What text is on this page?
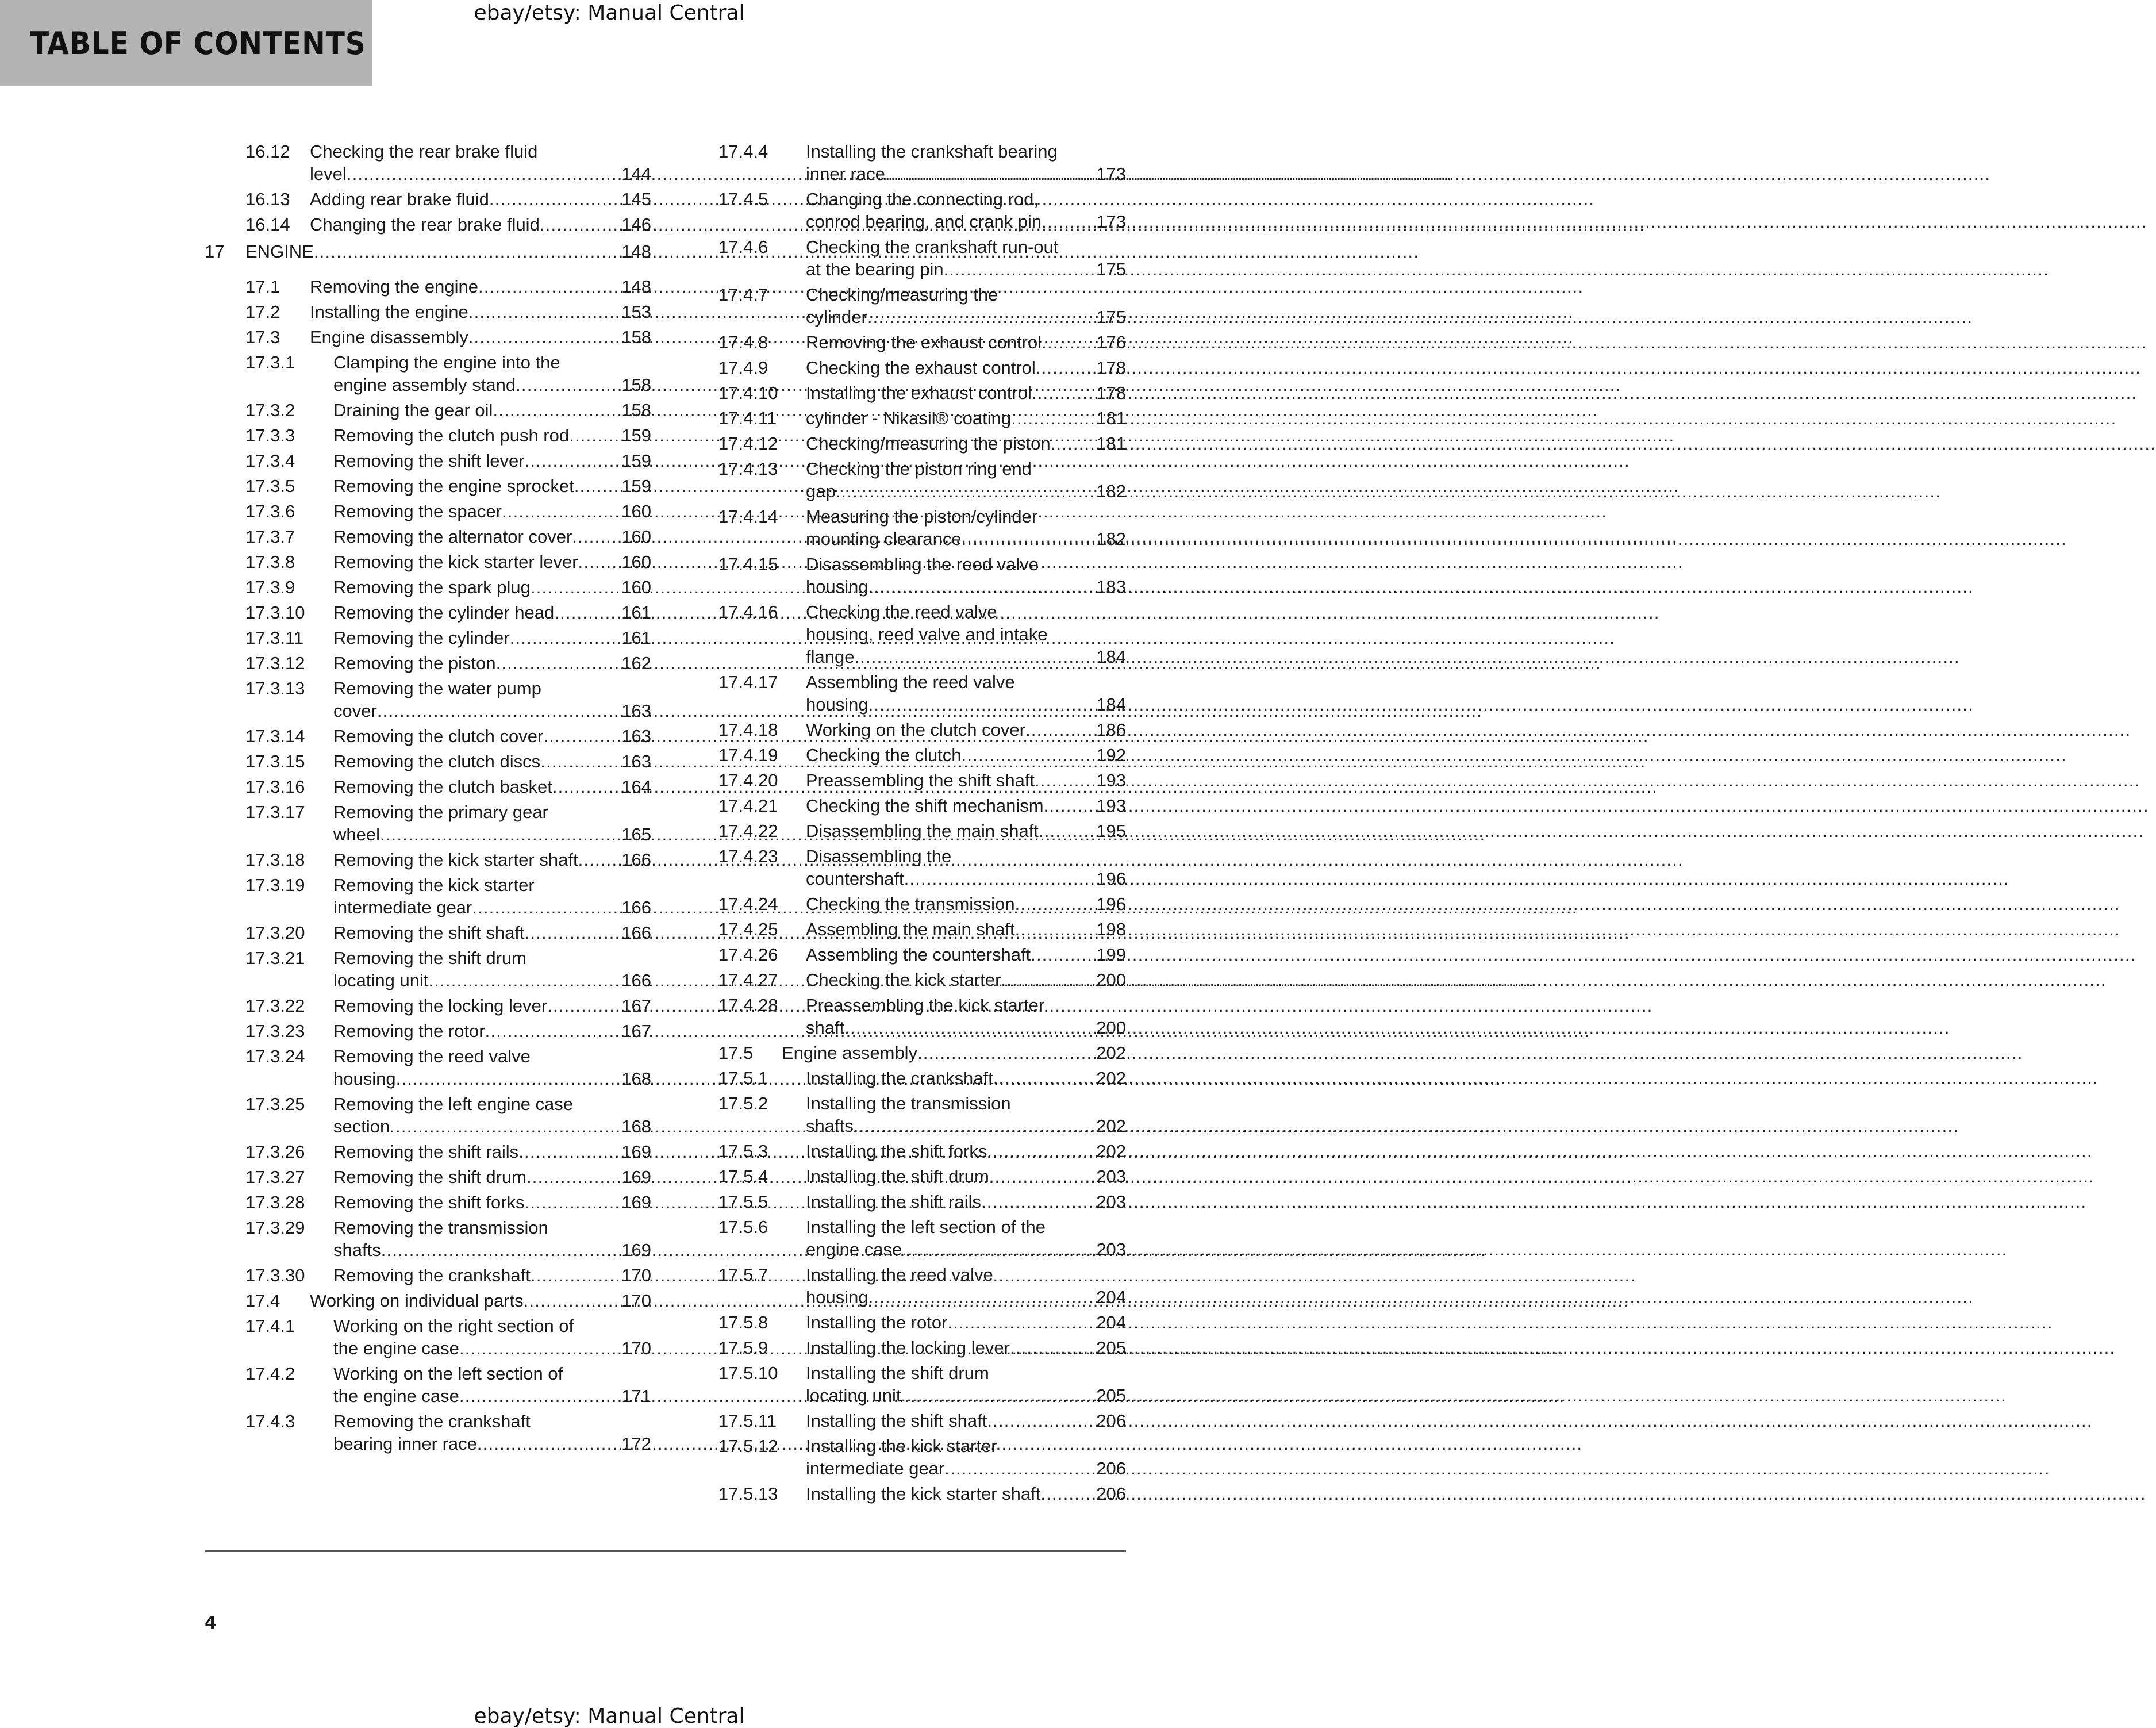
ebay/etsy: Manual Central
TABLE OF CONTENTS
16.12	Checking the rear brake fluid
level .....	144
16.13	Adding rear brake fluid .....	145
16.14	Changing the rear brake fluid .....	146
17	ENGINE .....	148
17.1	Removing the engine .....	148
17.2	Installing the engine .....	153
17.3	Engine disassembly .....	158
17.3.1	Clamping the engine into the
engine assembly stand .....	158
17.3.2	Draining the gear oil .....	158
17.3.3	Removing the clutch push rod .....	159
17.3.4	Removing the shift lever .....	159
17.3.5	Removing the engine sprocket .....	159
17.3.6	Removing the spacer .....	160
17.3.7	Removing the alternator cover .....	160
17.3.8	Removing the kick starter lever ..... 160
17.3.9	Removing the spark plug .....	160
17.3.10	Removing the cylinder head .....	161
17.3.11	Removing the cylinder .....	161
17.3.12	Removing the piston .....	162
17.3.13	Removing the water pump
cover .....	163
17.3.14	Removing the clutch cover .....	163
17.3.15	Removing the clutch discs .....	163
17.3.16	Removing the clutch basket .....	164
17.3.17	Removing the primary gear
wheel .....	165
17.3.18	Removing the kick starter shaft ..... 166
17.3.19	Removing the kick starter
intermediate gear .....	166
17.3.20	Removing the shift shaft .....	166
17.3.21	Removing the shift drum
locating unit .....	166
17.3.22	Removing the locking lever .....	167
17.3.23	Removing the rotor .....	167
17.3.24	Removing the reed valve
housing .....	168
17.3.25	Removing the left engine case
section .....	168
17.3.26	Removing the shift rails .....	169
17.3.27	Removing the shift drum .....	169
17.3.28	Removing the shift forks .....	169
17.3.29	Removing the transmission
shafts .....	169
17.3.30	Removing the crankshaft .....	170
17.4	Working on individual parts .....	170
17.4.1	Working on the right section of
the engine case .....	170
17.4.2	Working on the left section of
the engine case .....	171
17.4.3	Removing the crankshaft
bearing inner race .....	172
17.4.4	Installing the crankshaft bearing
inner race .....	173
17.4.5	Changing the connecting rod,
conrod bearing, and crank pin .....	173
17.4.6	Checking the crankshaft run-out
at the bearing pin .....	175
17.4.7	Checking/measuring the
cylinder .....	175
17.4.8	Removing the exhaust control .....	176
17.4.9	Checking the exhaust control .....	178
17.4.10	Installing the exhaust control .....	178
17.4.11	cylinder - Nikasil® coating .....	181
17.4.12	Checking/measuring the piston .....	181
17.4.13	Checking the piston ring end
gap .....	182
17.4.14	Measuring the piston/cylinder
mounting clearance .....	182
17.4.15	Disassembling the reed valve
housing .....	183
17.4.16	Checking the reed valve
housing, reed valve and intake
flange .....	184
17.4.17	Assembling the reed valve
housing .....	184
17.4.18	Working on the clutch cover .....	186
17.4.19	Checking the clutch .....	192
17.4.20	Preassembling the shift shaft .....	193
17.4.21	Checking the shift mechanism .....	193
17.4.22	Disassembling the main shaft .....	195
17.4.23	Disassembling the
countershaft .....	196
17.4.24	Checking the transmission .....	196
17.4.25	Assembling the main shaft .....	198
17.4.26	Assembling the countershaft .....	199
17.4.27	Checking the kick starter .....	200
17.4.28	Preassembling the kick starter
shaft .....	200
17.5	Engine assembly .....	202
17.5.1	Installing the crankshaft .....	202
17.5.2	Installing the transmission
shafts .....	202
17.5.3	Installing the shift forks .....	202
17.5.4	Installing the shift drum .....	203
17.5.5	Installing the shift rails .....	203
17.5.6	Installing the left section of the
engine case .....	203
17.5.7	Installing the reed valve
housing .....	204
17.5.8	Installing the rotor .....	204
17.5.9	Installing the locking lever .....	205
17.5.10	Installing the shift drum
locating unit .....	205
17.5.11	Installing the shift shaft .....	206
17.5.12	Installing the kick starter
intermediate gear .....	206
17.5.13	Installing the kick starter shaft .....	206
4
ebay/etsy: Manual Central
